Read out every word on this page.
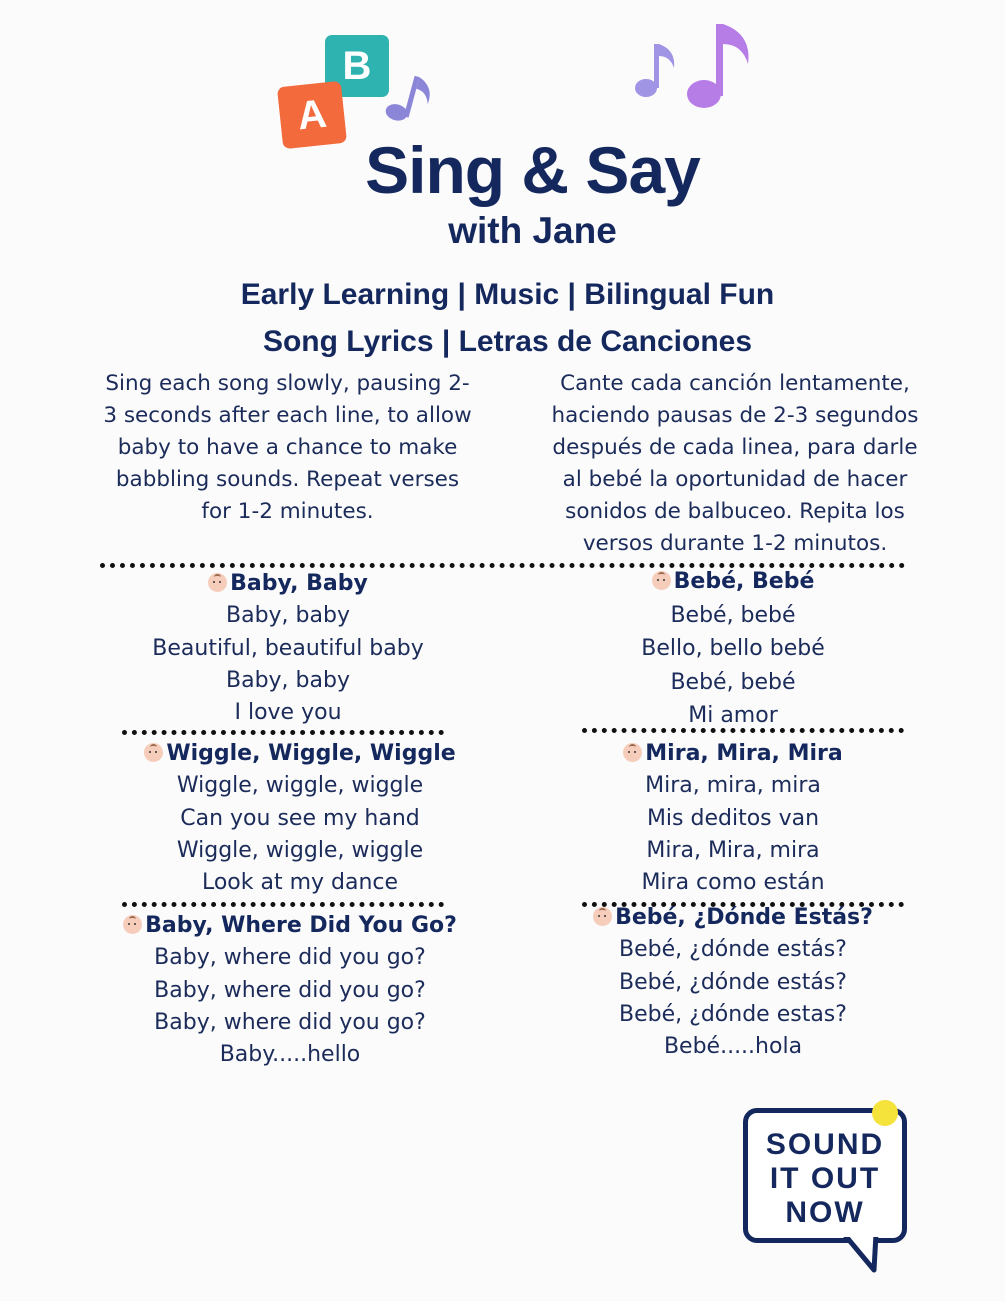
B
A
Sing & Say
with Jane
Early Learning | Music | Bilingual Fun
Song Lyrics | Letras de Canciones
Sing each song slowly, pausing 2-3 seconds after each line, to allow baby to have a chance to make babbling sounds. Repeat verses for 1-2 minutes.
Cante cada canción lentamente, haciendo pausas de 2-3 segundos después de cada linea, para darle al bebé la oportunidad de hacer sonidos de balbuceo. Repita los versos durante 1-2 minutos.
Baby, Baby
Baby, baby
Beautiful, beautiful baby
Baby, baby
I love you
Wiggle, Wiggle, Wiggle
Wiggle, wiggle, wiggle
Can you see my hand
Wiggle, wiggle, wiggle
Look at my dance
Baby, Where Did You Go?
Baby, where did you go?
Baby, where did you go?
Baby, where did you go?
Baby.....hello
Bebé, Bebé
Bebé, bebé
Bello, bello bebé
Bebé, bebé
Mi amor
Mira, Mira, Mira
Mira, mira, mira
Mis deditos van
Mira, Mira, mira
Mira como están
Bebé, ¿Dónde Estás?
Bebé, ¿dónde estás?
Bebé, ¿dónde estás?
Bebé, ¿dónde estas?
Bebé.....hola
SOUND
IT OUT
NOW
